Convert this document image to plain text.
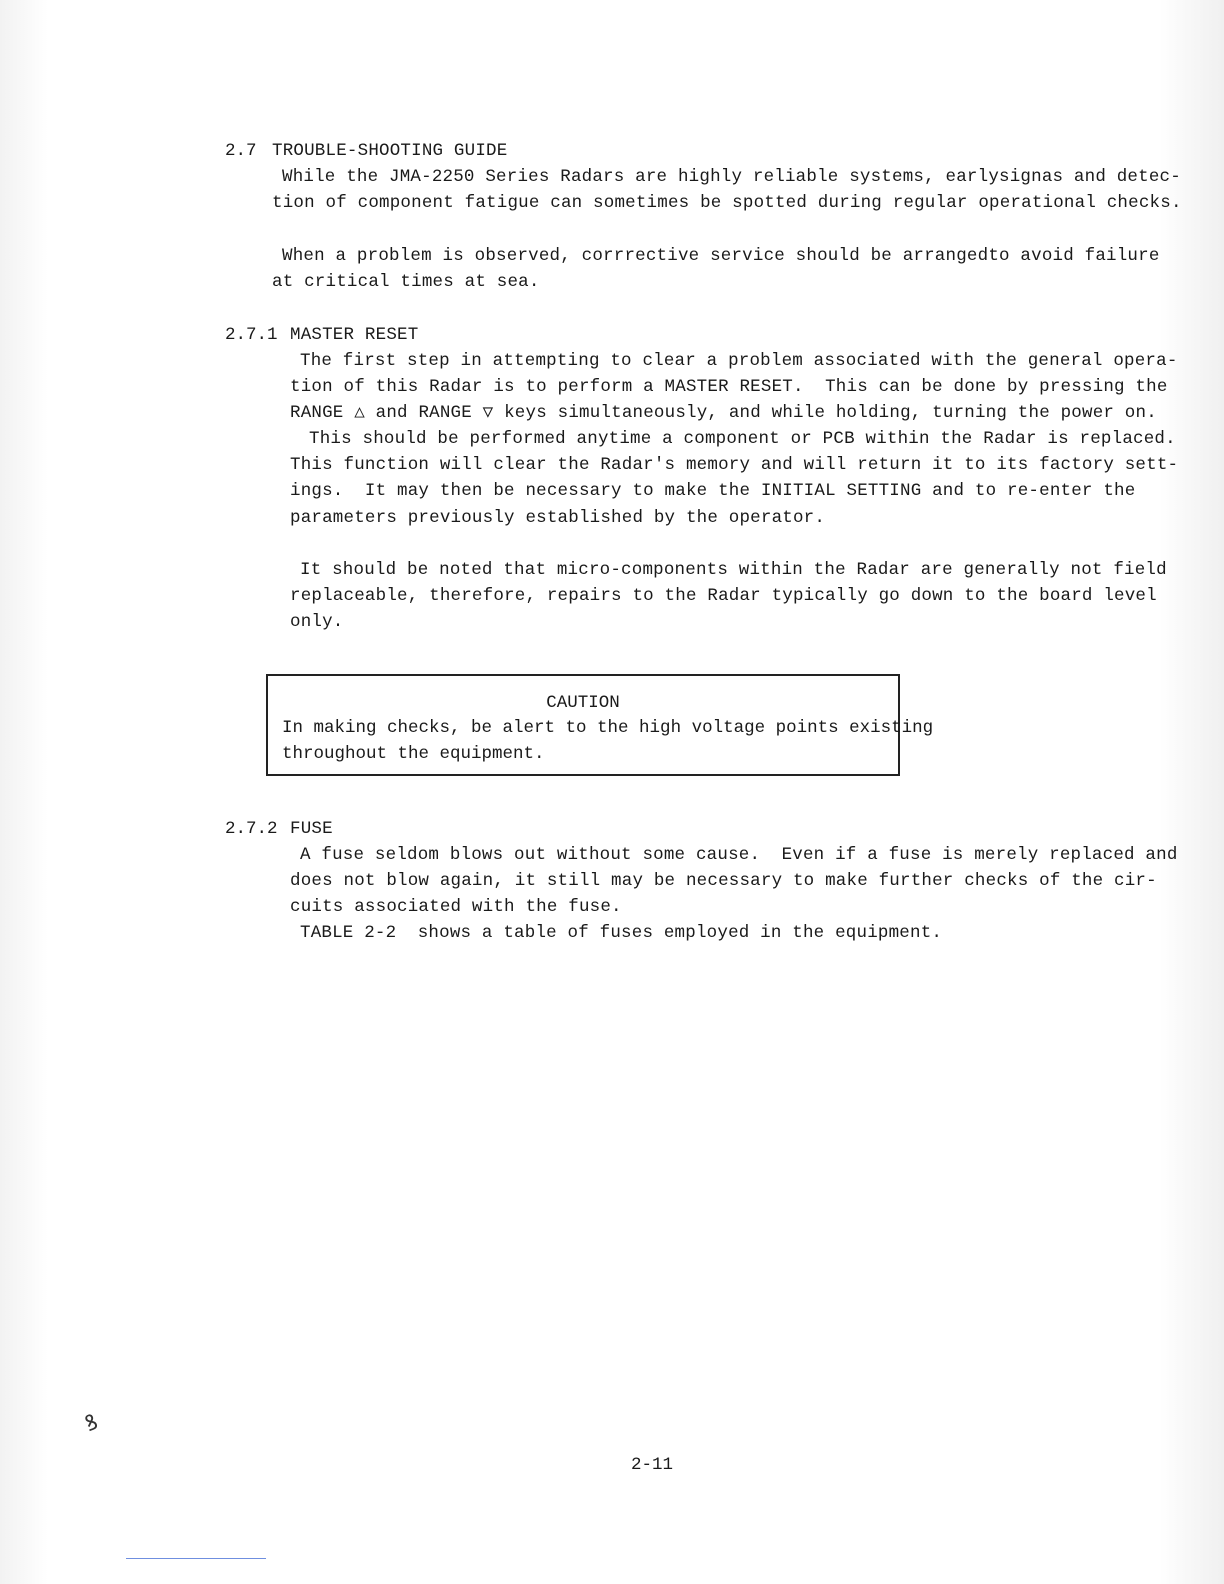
2.7 TROUBLE-SHOOTING GUIDE
While the JMA-2250 Series Radars are highly reliable systems, earlysignas and detec-
tion of component fatigue can sometimes be spotted during regular operational checks.
When a problem is observed, corrrective service should be arrangedto avoid failure
at critical times at sea.
2.7.1 MASTER RESET
The first step in attempting to clear a problem associated with the general opera-
tion of this Radar is to perform a MASTER RESET.  This can be done by pressing the
RANGE △ and RANGE ▽ keys simultaneously, and while holding, turning the power on.
This should be performed anytime a component or PCB within the Radar is replaced.
This function will clear the Radar's memory and will return it to its factory sett-
ings.  It may then be necessary to make the INITIAL SETTING and to re-enter the
parameters previously established by the operator.
It should be noted that micro-components within the Radar are generally not field
replaceable, therefore, repairs to the Radar typically go down to the board level
only.
CAUTION
In making checks, be alert to the high voltage points existing
throughout the equipment.
2.7.2 FUSE
A fuse seldom blows out without some cause.  Even if a fuse is merely replaced and
does not blow again, it still may be necessary to make further checks of the cir-
cuits associated with the fuse.
TABLE 2-2  shows a table of fuses employed in the equipment.
ꝸ
2-11
